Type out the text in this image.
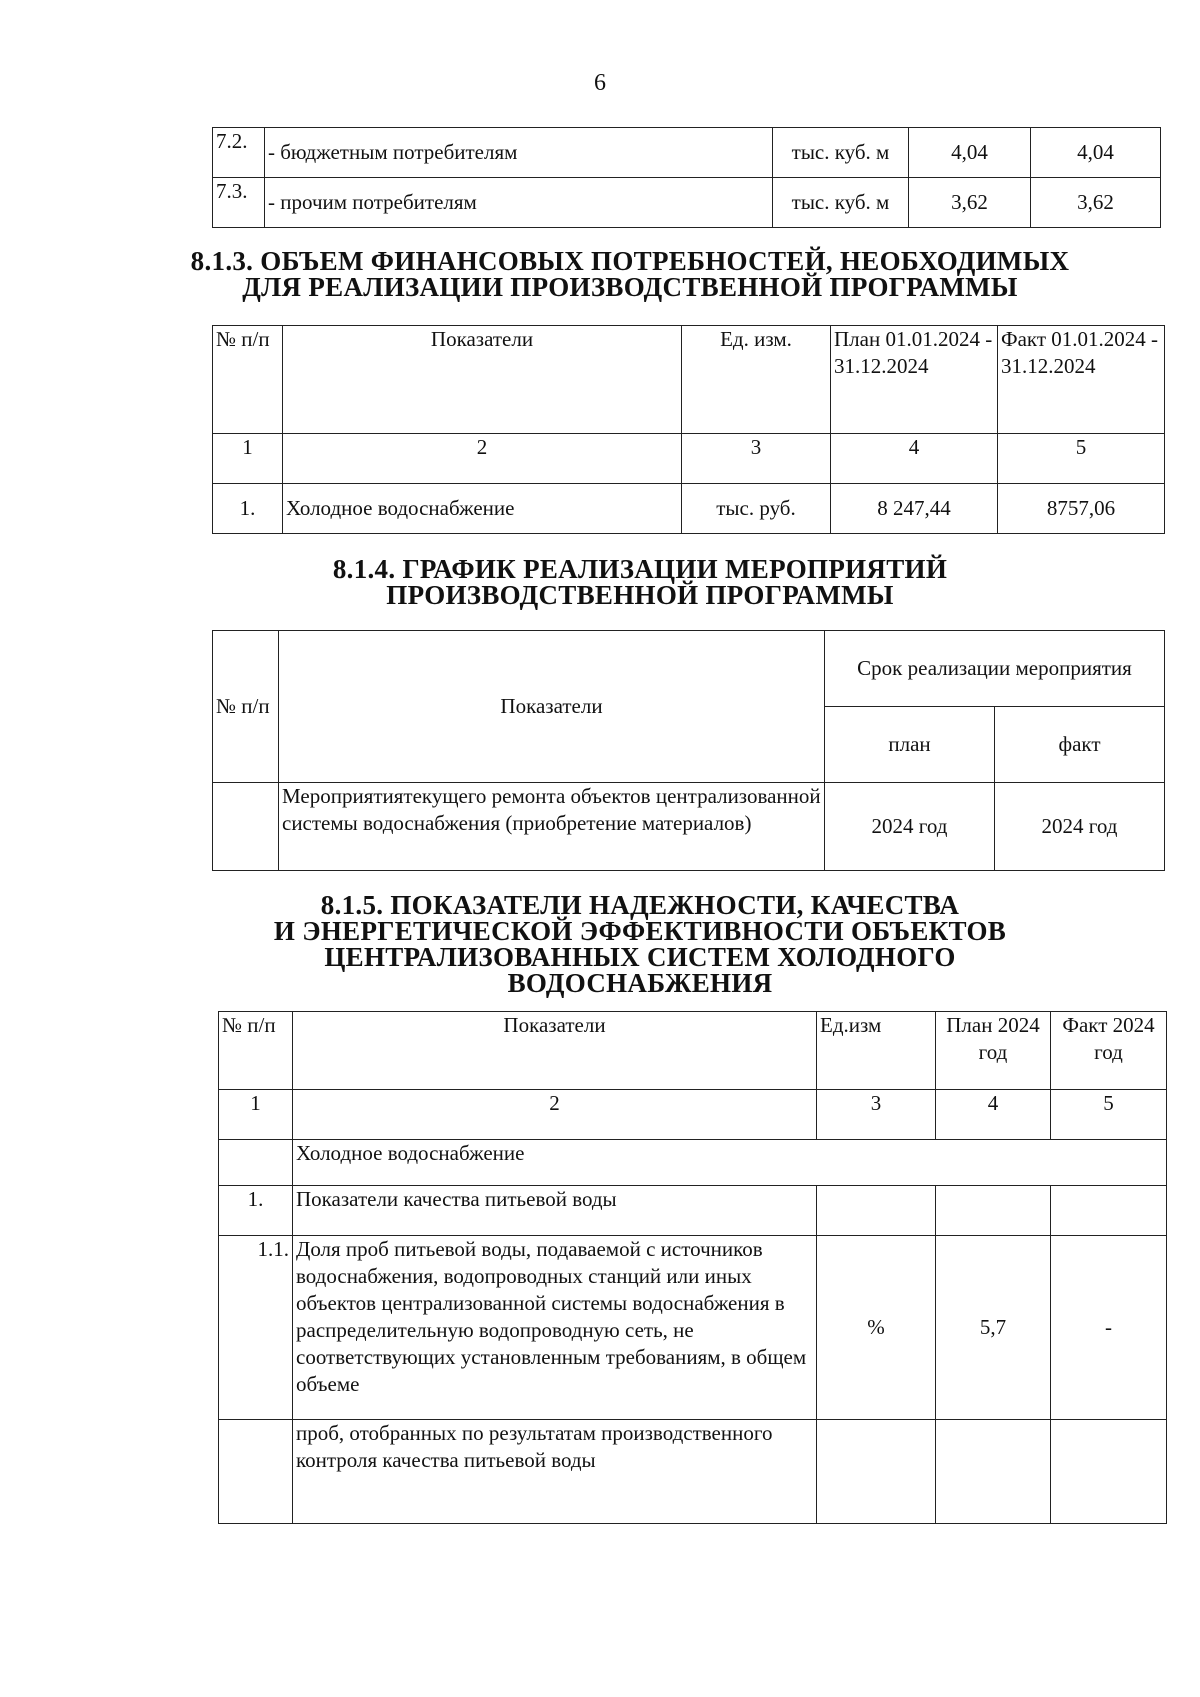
6
7.2.	- бюджетным потребителям	тыс. куб. м	4,04	4,04
7.3.	- прочим потребителям	тыс. куб. м	3,62	3,62
8.1.3. ОБЪЕМ ФИНАНСОВЫХ ПОТРЕБНОСТЕЙ, НЕОБХОДИМЫХ
ДЛЯ РЕАЛИЗАЦИИ ПРОИЗВОДСТВЕННОЙ ПРОГРАММЫ
№ п/п	Показатели	Ед. изм.	План 01.01.2024 - 31.12.2024	Факт 01.01.2024 - 31.12.2024
1	2	3	4	5
1.	Холодное водоснабжение	тыс. руб.	8 247,44	8757,06
8.1.4. ГРАФИК РЕАЛИЗАЦИИ МЕРОПРИЯТИЙ
ПРОИЗВОДСТВЕННОЙ ПРОГРАММЫ
№ п/п	Показатели	Срок реализации мероприятия	
		план	факт
	Мероприятиятекущего ремонта объектов централизованной системы водоснабжения (приобретение материалов)	2024 год	2024 год
8.1.5. ПОКАЗАТЕЛИ НАДЕЖНОСТИ, КАЧЕСТВА
И ЭНЕРГЕТИЧЕСКОЙ ЭФФЕКТИВНОСТИ ОБЪЕКТОВ
ЦЕНТРАЛИЗОВАННЫХ СИСТЕМ ХОЛОДНОГО
ВОДОСНАБЖЕНИЯ
№ п/п	Показатели	Ед.изм	План 2024 год	Факт 2024 год
1	2	3	4	5
	Холодное водоснабжение			
1.	Показатели качества питьевой воды			
1.1.	Доля проб питьевой воды, подаваемой с источников водоснабжения, водопроводных станций или иных объектов централизованной системы водоснабжения в распределительную водопроводную сеть, не соответствующих установленным требованиям, в общем объеме	%	5,7	-
	проб, отобранных по результатам производственного контроля качества питьевой воды			
